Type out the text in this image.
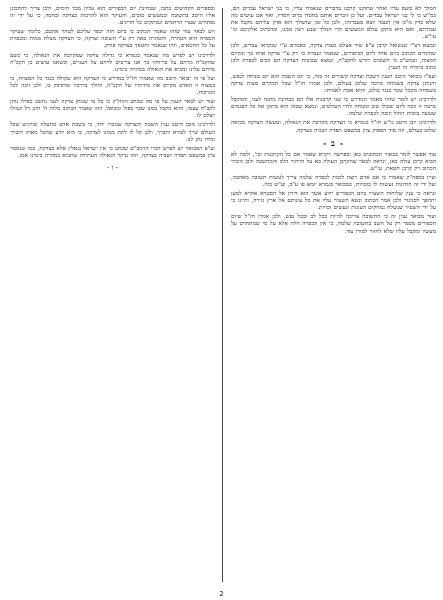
המלך לא כועס עליו ואחר שתוקנו קרבנו בדברים שנאמרו עליו, כי בני ישראל עבדים הם, כמ"ש כי לי בני ישראל עבדים. ועל כן זוכרים אותם בחסדו ברוב חסדיו, ואף אם עושים מה שלא כדין מ"מ אין העבד יוצא מעבדותו, ולכן כל זמן שהמלך הוא אדון עליהם מקבל את עבודתם, ואם הוא מתקן עולם המעשים הרי המלך שבע רצון ממנו, וכדכתיב אלקיכם ונו' עי"ש.

ונמצא דע"י שנשואל קרבן ע"פ שיר אצלם מצות צדקה, כאמרם ע"י שנקראו עבדים, ולכן שהקדים הכתוב ביום אחד ליום הכיפורים, שנאמר ועבדת כי רק ע"י צדקה אוחז בך ובקיום המצוה, וכמש"כ כי חשובים ויורש להקב"ה, ונמצא שבזכות הצדקה הם זוכים לכפרה ולכן כתוב בתורה זה הענין.

ועפ"ז מבואר היטב הענין דשבת וצדקה קשורים זה בזה, כי יום השבת הוא יום מנוחה לנפש, והנותן צדקה בשמחה מרבה שלום בעולם, ולכן אמרו חז"ל שכל המקיים מצות צדקה בשמחה מקבל שכר כנגד כולם, והוא אמת לאמיתו.

ולדרכינו יש לומר שזהו מאמר המדרש כי שני קרבנות אלו הם בבחינת מתנה לעני, והמקבל מתנה זו זוכה ליום שכולו טוב ומנוחה לחיי העולמים, ונמצא שבזה הוא מתקן את כל הפגמים שעשה בימות החול וזוכה לכפרה שלמה.

ולדרכינו יובן היטב מ"ש חז"ל בגמרא כי הצדקה מקרבת את הגאולה, ומעשה הצדקה מביאה שלום בעולם, וזה סוד הפסוק ציון במשפט תפדה ושביה בצדקה.

- ב -

עוד אפשר לומר בבאור הכתובים כאן ובפרשה ויקרא שאמר אם כל הקרבנות וכו', ולמה לא הביא קרבן עולה כאן, ונראה לבאר שהקרבן העולה בא על הרהור הלב והמחשבה ולכן הזכיר הכתוב רק קרבן חטאת, עי"ש.

ועיין בספה"ק שאמרו כי אם אדם רוצה לזכות לכפרה שלמה צריך לעשות תשובה מאהבה, ועל ידי זה הזדונות נעשות לו כזכויות, כמבואר בגמרא יומא פו ע"ב, וע"ש בזה.

ונראה כי ענין שליחות השעיר ביום הכפורים ידוע אשר הוא דורון אל הסטרא אחרא למען יתהפך לסניגור ולכן אמר הכתוב ונשא השעיר עליו את כל עונותם אל ארץ גזירה, והיינו כי על ידי השעיר שנשלח נמחקים העונות ונעשים זכויות.

ועוד מבואר ענין זה כי התשובה צריכה להיות בכל לב ובכל נפש, ולכן אמרו חז"ל שיום הכפורים מכפר רק על השב בתשובה שלמה, כי אין הכפרה חלה אלא על מי שמתחרט על מעשיו ומקבל עליו שלא לחזור לסורו עוד.

ובספרים הקדושים כתבו, שבחינת יום הכפורים הוא עליון מכל הימים, ולכן צריך להתכונן אליו היטב בתשובה ובמעשים טובים, והעיקר הוא להרבות בצדקה ובחסד, כי על ידי זה נפתחים שערי הרחמים ונמתקים כל הדינים.

ויש לבאר עוד שזהו שאמר הכתוב כי ביום הזה יכפר עליכם לטהר אתכם, כלומר שעיקר הכפרה היא הטהרה, והטהרה באה רק ע"י תשובה וצדקה, כי הצדקה מצלת ממות ומכפרת על כל החטאים, וזהו שנאמר וחטאך בצדקה פרוק.

ולדרכינו יש לפרש מה שנאמר בגמרא כי גדולה צדקה שמקרבת את הגאולה, כי כשם שהקב"ה מרחם על בריותיו כך אנו צריכים לרחם על העניים, וכשאנו עושים כן הקב"ה מרחם עלינו ומביא את הגאולה במהרה בימינו.

ועל פי זה יבואר היטב מה שאמרו חז"ל במדרש כי הצדקה היא שקולה כנגד כל המצוות, כי במצוה זו האדם מקיים את מידותיו של הקב"ה, והולך בדרכיו ומתדבק בו, ולכן זוכה לכל הברכות.

ועוד יש לבאר הענין על פי מה שכתב הזוה"ק כי כל מי שנותן צדקה לעני נחשב כאילו נותן לקב"ה עצמו, והוא מקבל ממנו שכר כפול ומכופל, וזהו שאמר הכתוב מלוה ה' חונן דל וגמולו ישלם לו.

ולדרכינו מובן היטב ענין השבת והצדקה שנזכרו יחד, כי בשבת אדם מתעלה ומרגיש שכל העולם שייך לבורא יתברך, ולכן קל לו לתת ממונו לצדקה, כי הוא יודע שהכל מאתו יתברך ומידו נתן לנו.

וע"פ המבואר יש לפרש דברי הרמב"ם שכתב כי אין ישראל נגאלין אלא בצדקה, כמו שנאמר ציון במשפט תפדה ושביה בצדקה, וזהו עיקר הגאולה העתידה שתבוא במהרה בימינו אמן.

- ו -
2
